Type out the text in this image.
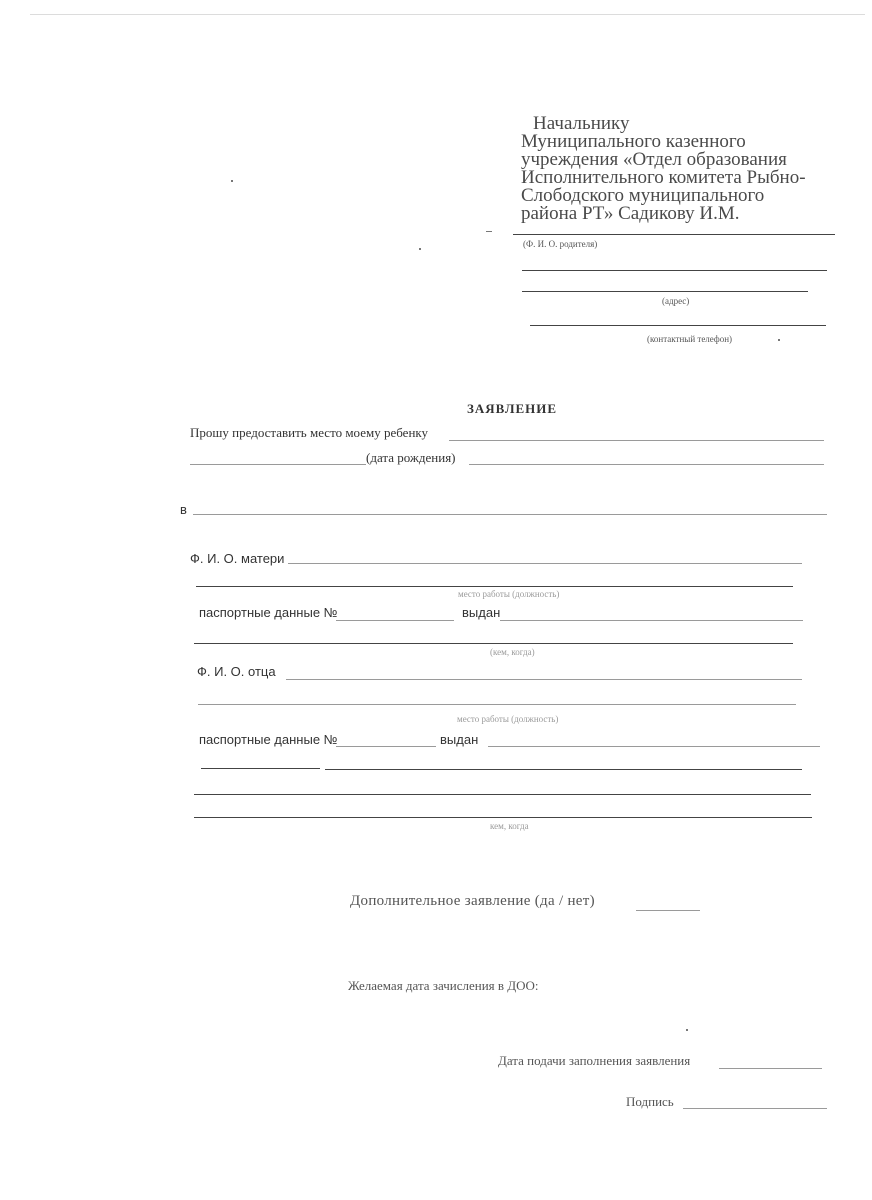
Начальнику
Муниципального казенного
учреждения «Отдел образования
Исполнительного комитета Рыбно-
Слободского муниципального
района РТ» Садикову И.М.
(Ф. И. О. родителя)
(адрес)
(контактный телефон)
ЗАЯВЛЕНИЕ
Прошу предоставить место моему ребенку
(дата рождения)
в
Ф. И. О. матери
место работы (должность)
паспортные данные №	выдан
(кем, когда)
Ф. И. О. отца
место работы (должность)
паспортные данные №	выдан
кем, когда
Дополнительное заявление (да / нет)
Желаемая дата зачисления в ДОО:
Дата подачи заполнения заявления
Подпись
